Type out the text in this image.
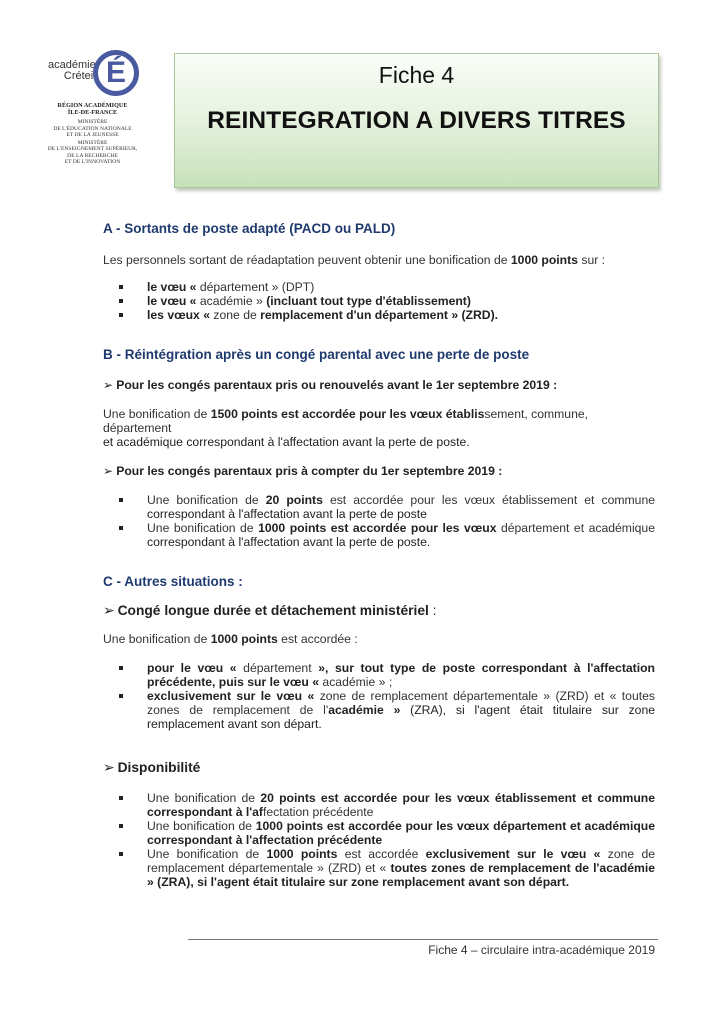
académie
Créteil É
RÉGION ACADÉMIQUE
ÎLE-DE-FRANCE
MINISTÈRE
DE L'ÉDUCATION NATIONALE
ET DE LA JEUNESSE
MINISTÈRE
DE L'ENSEIGNEMENT SUPÉRIEUR,
DE LA RECHERCHE
ET DE L'INNOVATION
Fiche 4
REINTEGRATION A DIVERS TITRES
A - Sortants de poste adapté (PACD ou PALD)

Les personnels sortant de réadaptation peuvent obtenir une bonification de 1000 points sur :

le vœu « département » (DPT)
le vœu « académie » (incluant tout type d'établissement)
les vœux « zone de remplacement d'un département » (ZRD).
B - Réintégration après un congé parental avec une perte de poste

➢ Pour les congés parentaux pris ou renouvelés avant le 1er septembre 2019 :

Une bonification de 1500 points est accordée pour les vœux établissement, commune, département
et académique correspondant à l'affectation avant la perte de poste.

➢ Pour les congés parentaux pris à compter du 1er septembre 2019 :

Une bonification de 20 points est accordée pour les vœux établissement et commune correspondant à l'affectation avant la perte de poste
Une bonification de 1000 points est accordée pour les vœux département et académique correspondant à l'affectation avant la perte de poste.
C - Autres situations :

➢ Congé longue durée et détachement ministériel :

Une bonification de 1000 points est accordée :

pour le vœu « département », sur tout type de poste correspondant à l'affectation précédente, puis sur le vœu « académie » ;
exclusivement sur le vœu « zone de remplacement départementale » (ZRD) et « toutes zones de remplacement de l'académie » (ZRA), si l'agent était titulaire sur zone remplacement avant son départ.

➢ Disponibilité

Une bonification de 20 points est accordée pour les vœux établissement et commune correspondant à l'affectation précédente
Une bonification de 1000 points est accordée pour les vœux département et académique correspondant à l'affectation précédente
Une bonification de 1000 points est accordée exclusivement sur le vœu « zone de remplacement départementale » (ZRD) et « toutes zones de remplacement de l'académie » (ZRA), si l'agent était titulaire sur zone remplacement avant son départ.
Fiche 4 – circulaire intra-académique 2019
